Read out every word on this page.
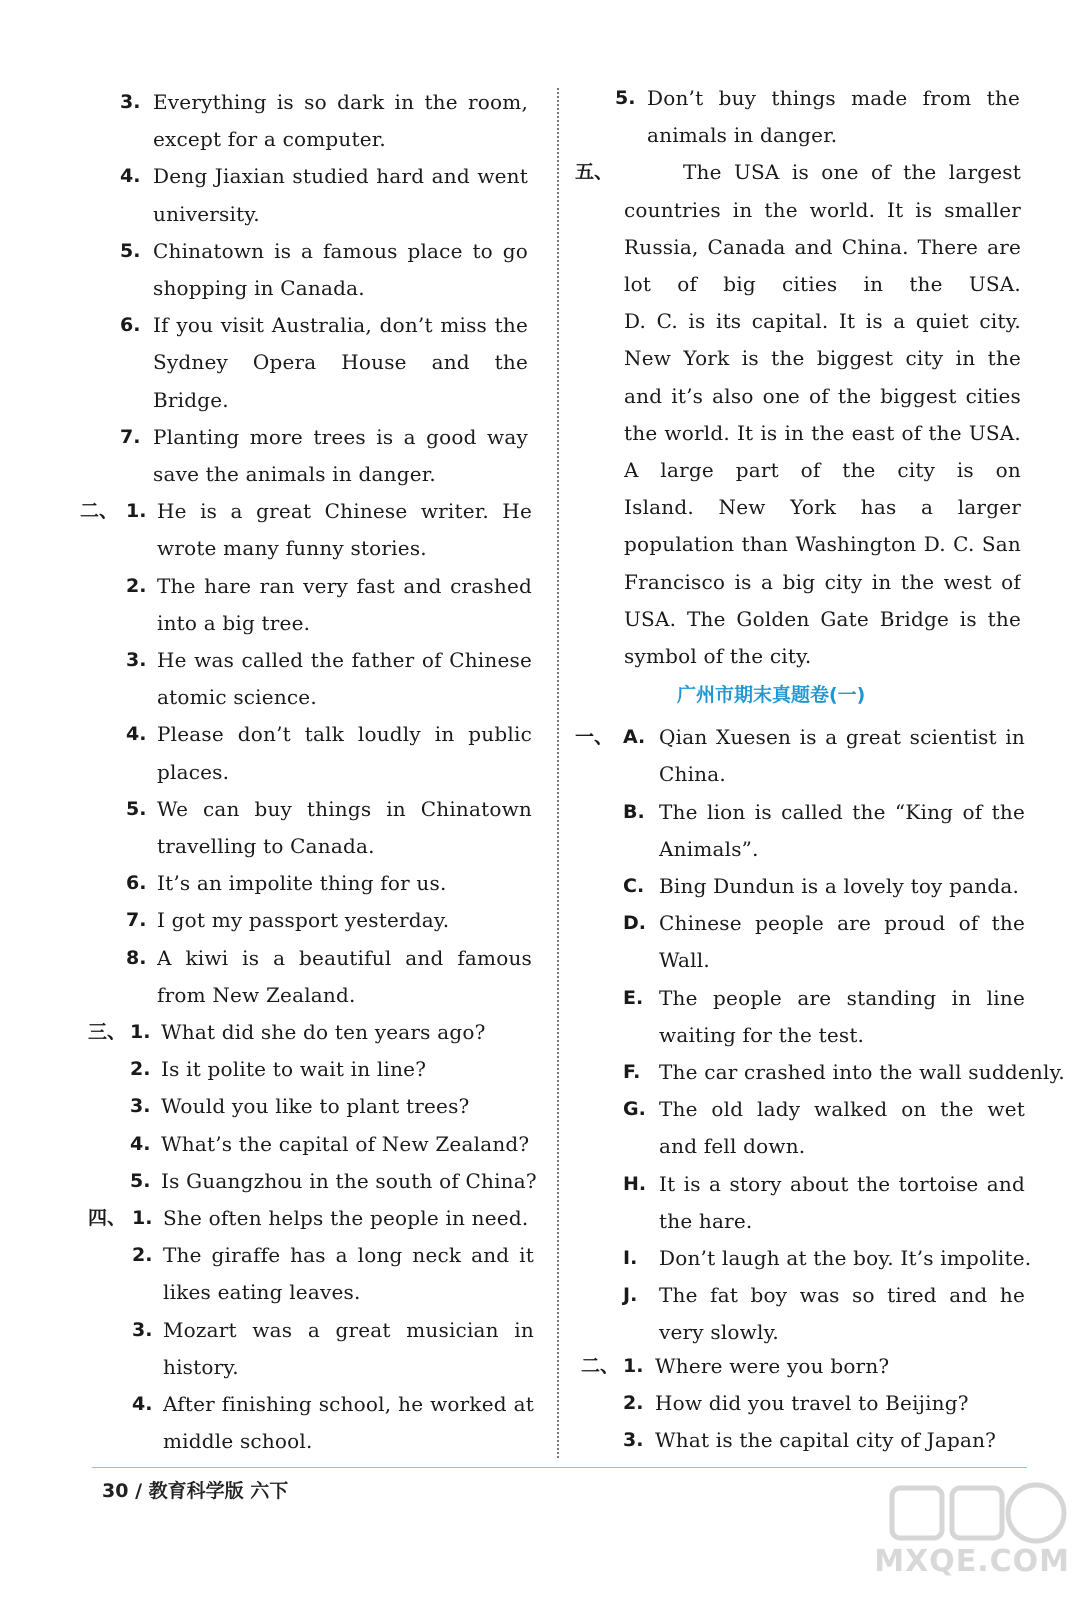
3. Everything is so dark in the room,
except for a computer.
4. Deng Jiaxian studied hard and went
university.
5. Chinatown is a famous place to go
shopping in Canada.
6. If you visit Australia, don’t miss the
Sydney Opera House and the
Bridge.
7. Planting more trees is a good way
save the animals in danger.
二、 1. He is a great Chinese writer. He
wrote many funny stories.
2. The hare ran very fast and crashed
into a big tree.
3. He was called the father of Chinese
atomic science.
4. Please don’t talk loudly in public
places.
5. We can buy things in Chinatown
travelling to Canada.
6. It’s an impolite thing for us.
7. I got my passport yesterday.
8. A kiwi is a beautiful and famous
from New Zealand.
三、 1. What did she do ten years ago?
2. Is it polite to wait in line?
3. Would you like to plant trees?
4. What’s the capital of New Zealand?
5. Is Guangzhou in the south of China?
四、 1. She often helps the people in need.
2. The giraffe has a long neck and it
likes eating leaves.
3. Mozart was a great musician in
history.
4. After finishing school, he worked at
middle school.
5. Don’t buy things made from the
animals in danger.
五、	The USA is one of the largest
countries in the world. It is smaller
Russia, Canada and China. There are
lot of big cities in the USA.
D. C. is its capital. It is a quiet city.
New York is the biggest city in the
and it’s also one of the biggest cities
the world. It is in the east of the USA.
A large part of the city is on
Island. New York has a larger
population than Washington D. C. San
Francisco is a big city in the west of
USA. The Golden Gate Bridge is the
symbol of the city.
广州市期末真题卷(一)
一、 A. Qian Xuesen is a great scientist in
China.
B. The lion is called the “King of the
Animals”.
C. Bing Dundun is a lovely toy panda.
D. Chinese people are proud of the
Wall.
E. The people are standing in line
waiting for the test.
F. The car crashed into the wall suddenly.
G. The old lady walked on the wet
and fell down.
H. It is a story about the tortoise and
the hare.
I. Don’t laugh at the boy. It’s impolite.
J. The fat boy was so tired and he
very slowly.
二、 1. Where were you born?
2. How did you travel to Beijing?
3. What is the capital city of Japan?
30 / 教育科学版 六下
MXQE.COM
